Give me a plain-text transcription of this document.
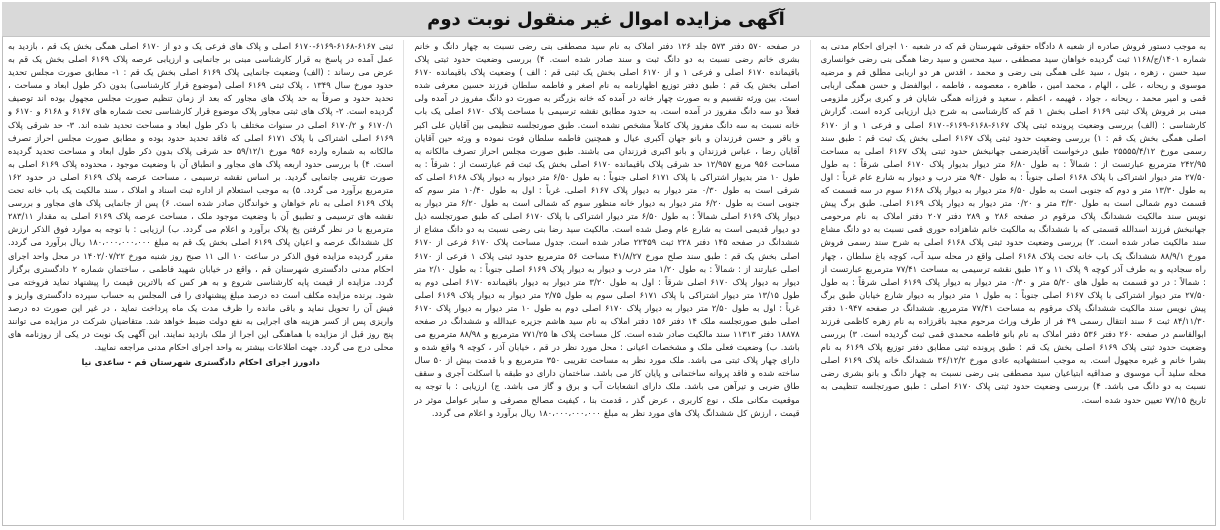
آگهی مزایده اموال غیر منقول نوبت دوم

به موجب دستور فروش صادره از شعبه ۸ دادگاه حقوقی شهرستان قم که در شعبه ۱۰ اجرای احکام مدنی به شماره ۱۴۰۱/ج/۱۱۶۸ ثبت گردیده خواهان سید مصطفی ، سید محسن و سید رضا همگی بنی رضی خوانساری سید حسن ، زهره ، بتول ، سید علی همگی بنی رضی و محمد ، اقدس هر دو اربابی مطلق قم و مرضیه موسوی و ریحانه ، علی ، الهام ، محمد امین ، طاهره ، معصومه ، فاطمه ، ابوالفضل و حسن همگی اربابی قمی و امیر محمد ، ریحانه ، جواد ، فهیمه ، اعظم ، سعید و فرزانه همگی شایان فر و کبری برگزر ملزومی مبنی بر فروش پلاک ثبتی ۶۱۶۹ اصلی بخش ۱ قم که کارشناسی به شرح ذیل ارزیابی کرده است. گزارش کارشناسی : (الف) بررسی وضعیت پرونده ثبتی پلاک ۶۱۶۷-۶۱۶۸-۶۱۶۹-۶۱۷۰ اصلی و فرعی ۱ و از ۶۱۷۰ اصلی همگی بخش یک قم : ۱) بررسی وضعیت حدود ثبتی پلاک ۶۱۶۷ اصلی بخش یک ثبت قم : طبق سند رسمی مورخ ۲۵۵۵۵/۴/۱۲ طبق درخواست آقایدرضمی جهانبخش حدود ثبتی پلاک ۶۱۶۷ اصلی به مساحت ۲۴۲/۹۵ مترمربع عبارتست از : شمالاً : به طول ۶/۸۰ متر دیوار بدیوار پلاک ۶۱۷۰ اصلی شرقاً : به طول ۲۷/۵۰ متر دیوار اشتراکی با پلاک ۶۱۶۸ اصلی جنوباً : به طول ۹/۴۰ متر درب و دیوار به شارع عام غرباً : اول به طول ۱۳/۳۰ متر و دوم که جنوبی است به طول ۶/۵۰ متر دیوار به دیوار پلاک ۶۱۶۸ سوم در سه قسمت که قسمت دوم شمالی است به طول ۳/۳۰ متر و ۰/۲۰ متر دیوار به دیوار پلاک ۶۱۶۹ اصلی. طبق برگ پیش نویس سند مالکیت ششدانگ پلاک مرقوم در صفحه ۲۸۶ و ۲۸۹ دفتر ۲۰۷ دفتر املاک به نام مرحومی جهانبخش فرزند اسدالله قسمتی که با ششدانگ به مالکیت خانم شاهزاده حوری قمی نسبت به دو دانگ مشاع سند مالکیت صادر شده است. ۲) بررسی وضعیت حدود ثبتی پلاک ۶۱۶۸ اصلی به شرح سند رسمی فروش مورخ ۸۸/۹/۱ ششدانگ یک باب خانه تحت پلاک ۶۱۶۸ اصلی واقع در محله سید آب، کوچه باغ سلطان ، چهار راه سجادیه و به طرف آذر کوچه ۹ پلاک ۱۱ و ۱۲ طبق نقشه ترسیمی به مساحت ۷۷/۴۱ مترمربع عبارتست از : شمالاً : در دو قسمت به طول های ۵/۲۰ متر و ۰/۳۰ متر دیوار به دیوار پلاک ۶۱۶۹ اصلی شرقاً : به طول ۲۷/۵۰ متر دیوار اشتراکی با پلاک ۶۱۶۷ اصلی جنوباً : به طول ۱ متر دیوار به دیوار شارع خیابان طبق برگ پیش نویس سند مالکیت ششدانگ پلاک مرقوم به مساحت ۷۷/۴۱ مترمربع. ششدانگ در صفحه ۱۰۹۴۷ دفتر ۸۴/۱۱/۳۰ ثبت ۶ سند انتقال رسمی ۴۹ فر از طرف وراث مرحوم مجید باقرزاده به نام زهره کاظمی فرزند ابوالقاسم در صفحه ۲۶۰ دفتر ۵۳۶ دفتر املاک به نام بانو فاطمه محمدی قمی ثبت گردیده است. ۳) بررسی وضعیت حدود ثبتی پلاک ۶۱۶۹ اصلی بخش یک قم : طبق پرونده ثبتی مطابق دفتر توزیع پلاک ۶۱۶۹ به نام بشرا خانم و غیره مجهول است. به موجب استشهادیه عادی مورخ ۳۶/۱۲/۲ ششدانگ خانه پلاک ۶۱۶۹ اصلی محله سلید آب موسوی و صداقیه ابتیاعیان سید مصطفی بنی رضی نسبت به چهار دانگ و بانو بشری رضی نسبت به دو دانگ می باشد. ۴) بررسی وضعیت حدود ثبتی پلاک ۶۱۷۰ اصلی : طبق صورتجلسه تنظیمی به تاریخ ۷۷/۱۵ تعیین حدود شده است.

در صفحه ۵۷۰ دفتر ۵۷۳ جلد ۱۲۶ دفتر املاک به نام سید مصطفی بنی رضی نسبت به چهار دانگ و خانم بشری خانم رضی نسبت به دو دانگ ثبت و سند صادر شده است. ۴) بررسی وضعیت حدود ثبتی پلاک باقیمانده ۶۱۷۰ اصلی و فرعی ۱ و از ۶۱۷۰ اصلی بخش یک ثبتی قم : الف ) وضعیت پلاک باقیمانده ۶۱۷۰ اصلی بخش یک قم : طبق دفتر توزیع اظهارنامه به نام اصغر و فاطمه سلطان فرزند حسین معرفی شده است. بین ورثه تقسیم و به صورت چهار خانه در آمده که خانه بزرگتر به صورت دو دانگ مفروز در آمده ولی فعلاً دو سه دانگ مفروز در آمده است. به حدود مطابق نقشه ترسیمی با مساحت پلاک ۶۱۷۰ اصلی یک باب خانه نسبت به سه دانگ مفروز پلاک کاملاً مشخص نشده است. طبق صورتجلسه تنظیمی بین آقایان علی اکبر و باقر و حسن فرزندان و بانو جهان آکبری عیال و همچنین فاطمه سلطان فوت نموده و ورثه حین آقایان آقایان رضا ، عباس فرزندان و بانو اکبری فرزندان می باشند. طبق صورت مجلس احراز تصرف مالکانه به مساحت ۹۵۶ مربع ۱۲/۹۵۷ حد شرقی پلاک باقیمانده ۶۱۷۰ اصلی بخش یک ثبت قم عبارتست از : شرقاً : به طول ۱۰ متر بدیوار اشتراکی با پلاک ۶۱۷۱ اصلی جنوباً : به طول ۶/۵۰ متر دیوار به دیوار پلاک ۶۱۶۸ اصلی که شرقی است به طول ۰/۳۰ متر دیوار به دیوار پلاک ۶۱۶۷ اصلی. غرباً : اول به طول ۱۰/۴۰ متر سوم که جنوبی است به طول ۶/۲۰ متر دیوار به دیوار خانه منظور سوم که شمالی است به طول ۶/۲۰ متر دیوار به دیوار پلاک ۶۱۶۹ اصلی شمالاً : به طول ۶/۵۰ متر دیوار اشتراکی با پلاک ۶۱۷۰ اصلی که طبق صورتجلسه ذیل دو دیوار قدیمی است به شارع عام وصل شده است. مالکیت سید رضا بنی رضی نسبت به دو دانگ مشاع از ششدانگ در صفحه ۱۴۵ دفتر ۲۲۸ ثبت ۲۲۴۵۹ صادر شده است. جدول مساحت پلاک ۶۱۷۰ فرعی از ۶۱۷۰ اصلی بخش یک قم : طبق سند صلح مورخ ۴۱/۸/۲۷ مساحت ۵۶ مترمربع حدود ثبتی پلاک ۱ فرعی از ۶۱۷۰ اصلی عبارتند از : شمالاً : به طول ۱/۲۰ متر درب و دیوار به دیوار پلاک ۶۱۶۹ اصلی جنوباً : به طول ۲/۱۰ متر دیوار به دیوار پلاک ۶۱۷۰ اصلی شرقاً : اول به طول ۳/۲۰ متر دیوار به دیوار باقیمانده ۶۱۷۰ اصلی دوم به طول ۱۳/۱۵ متر دیوار اشتراکی با پلاک ۶۱۷۱ اصلی سوم به طول ۲/۷۵ متر دیوار به دیوار پلاک ۶۱۶۹ اصلی غرباً : اول به طول ۲/۵۰ متر دیوار به دیوار پلاک ۶۱۷۰ اصلی دوم به طول ۱۰ متر دیوار به دیوار پلاک ۶۱۷۰ اصلی طبق صورتجلسه ملک ۱۴ دفتر ۱۵۶ دفتر املاک به نام سید هاشم جزیره عبدالله و ششدانگ در صفحه ۱۸۸۷۸ دفتر ۱۱۳۱۳ سند مالکیت صادر شده است. کل مساحت پلاک ها ۷۷۱/۲۵ مترمربع و ۸۸/۹۸ مترمربع می باشد. ب) وضعیت فعلی ملک و مشخصات اعیانی : محل مورد نظر در قم ، خیابان آذر ، کوچه ۹ واقع شده و دارای چهار پلاک ثبتی می باشد. ملک مورد نظر به مساحت تقریبی ۳۵۰ مترمربع و با قدمت بیش از ۵۰ سال ساخته شده و فاقد پروانه ساختمانی و پایان کار می باشد. ساختمان دارای دو طبقه با اسکلت آجری و سقف طاق ضربی و تیرآهن می باشد. ملک دارای انشعابات آب و برق و گاز می باشد. ج) ارزیابی : با توجه به موقعیت مکانی ملک ، نوع کاربری ، عرض گذر ، قدمت بنا ، کیفیت مصالح مصرفی و سایر عوامل موثر در قیمت ، ارزش کل ششدانگ پلاک های مورد نظر به مبلغ ۱۸۰،۰۰۰،۰۰۰،۰۰۰ ریال برآورد و اعلام می گردد.

ثبتی ۶۱۶۷-۶۱۶۸-۶۱۶۹-۶۱۷۰ اصلی و پلاک های فرعی یک و دو از ۶۱۷۰ اصلی همگی بخش یک قم ، بازدید به عمل آمده در پاسخ به قرار کارشناسی مبنی بر جانمایی و ارزیابی عرصه پلاک ۶۱۶۹ اصلی بخش یک قم به عرض می رساند : (الف) وضعیت جانمایی پلاک ۶۱۶۹ اصلی بخش یک قم : ۱- مطابق صورت مجلس تحدید حدود مورخ سال ۱۳۴۹ ، پلاک ثبتی ۶۱۶۹ اصلی (موضوع قرار کارشناسی) بدون ذکر طول ابعاد و مساحت ، تحدید حدود و صرفاً به حد پلاک های مجاور که بعد از زمان تنظیم صورت مجلس مجهول بوده اند توصیف گردیده است. ۲- پلاک های ثبتی مجاور پلاک موضوع قرار کارشناسی تحت شماره های ۶۱۶۷ و ۶۱۶۸ و ۶۱۷۰ و ۶۱۷۰/۱ و ۶۱۷۰/۲ اصلی در سنوات مختلف با ذکر طول ابعاد و مساحت تحدید شده اند. ۳- حد شرقی پلاک ۶۱۶۹ اصلی اشتراکی با پلاک ۶۱۷۱ اصلی که فاقد تحدید حدود بوده و مطابق صورت مجلس احراز تصرف مالکانه به شماره وارده ۹۵۶ مورخ ۵۹/۱۲/۱ حد شرقی پلاک بدون ذکر طول ابعاد و مساحت تحدید گردیده است. ۴) با بررسی حدود اربعه پلاک های مجاور و انطباق آن با وضعیت موجود ، محدوده پلاک ۶۱۶۹ اصلی به صورت تقریبی جانمایی گردید. بر اساس نقشه ترسیمی ، مساحت عرصه پلاک ۶۱۶۹ اصلی در حدود ۱۶۲ مترمربع برآورد می گردد. ۵) به موجب استعلام از اداره ثبت اسناد و املاک ، سند مالکیت یک باب خانه تحت پلاک ۶۱۶۹ اصلی به نام خواهان و خواندگان صادر شده است. ۶) پس از جانمایی پلاک های مجاور و بررسی نقشه های ترسیمی و تطبیق آن با وضعیت موجود ملک ، مساحت عرصه پلاک ۶۱۶۹ اصلی به مقدار ۲۸۳/۱۱ مترمربع با در نظر گرفتن پخ پلاک برآورد و اعلام می گردد. ب) ارزیابی : با توجه به موارد فوق الذکر ارزش کل ششدانگ عرصه و اعیان پلاک ۶۱۶۹ اصلی بخش یک قم به مبلغ ۱۸۰،۰۰۰،۰۰۰،۰۰۰ ریال برآورد می گردد. مقرر گردیده مزایده فوق الذکر در ساعت ۱۰ الی ۱۱ صبح روز شنبه مورخ ۱۴۰۲/۰۷/۲۲ در محل واحد اجرای احکام مدنی دادگستری شهرستان قم ، واقع در خیابان شهید فاطمی ، ساختمان شماره ۲ دادگستری برگزار گردد. مزایده از قیمت پایه کارشناسی شروع و به هر کس که بالاترین قیمت را پیشنهاد نماید فروخته می شود. برنده مزایده مکلف است ده درصد مبلغ پیشنهادی را فی المجلس به حساب سپرده دادگستری واریز و فیش آن را تحویل نماید و باقی مانده را ظرف مدت یک ماه پرداخت نماید ، در غیر این صورت ده درصد واریزی پس از کسر هزینه های اجرایی به نفع دولت ضبط خواهد شد. متقاضیان شرکت در مزایده می توانند پنج روز قبل از مزایده با هماهنگی این اجرا از ملک بازدید نمایند. این آگهی یک نوبت در یکی از روزنامه های محلی درج می گردد. جهت اطلاعات بیشتر به واحد اجرای احکام مدنی مراجعه نمایید.

دادورز اجرای احکام دادگستری شهرستان قم - ساعدی نیا
